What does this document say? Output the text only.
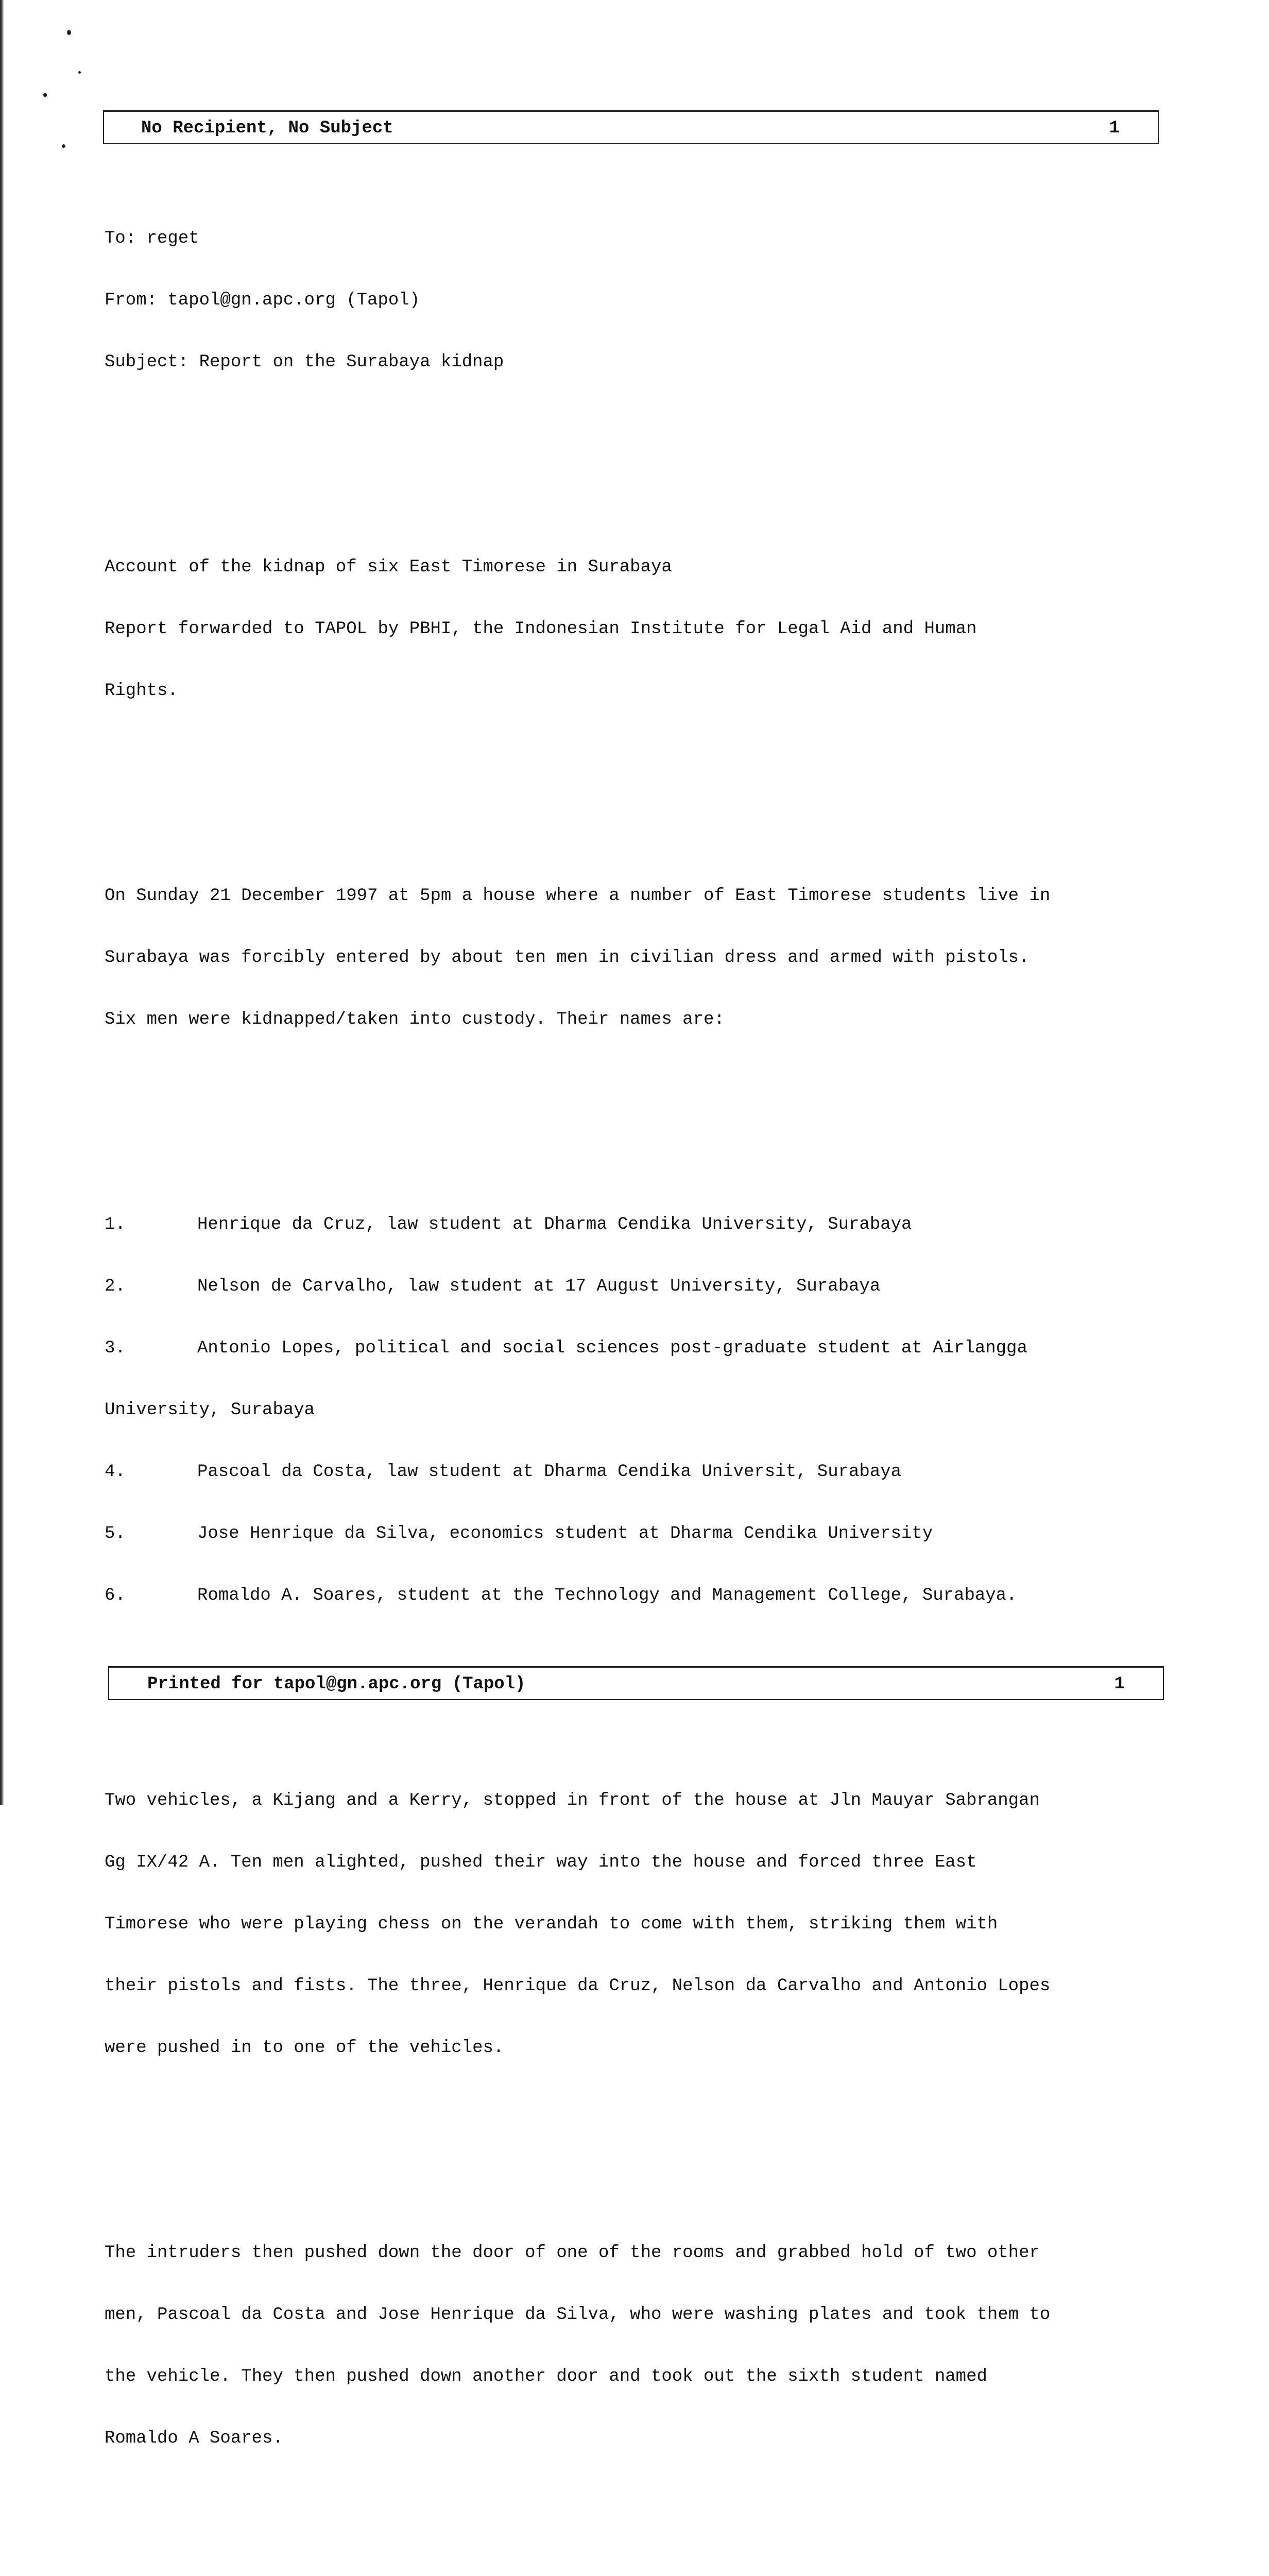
No Recipient, No Subject	1

To: reget

From: tapol@gn.apc.org (Tapol)

Subject: Report on the Surabaya kidnap

Account of the kidnap of six East Timorese in Surabaya

Report forwarded to TAPOL by PBHI, the Indonesian Institute for Legal Aid and Human

Rights.

On Sunday 21 December 1997 at 5pm a house where a number of East Timorese students live in

Surabaya was forcibly entered by about ten men in civilian dress and armed with pistols.

Six men were kidnapped/taken into custody. Their names are:

1.	Henrique da Cruz, law student at Dharma Cendika University, Surabaya

2.	Nelson de Carvalho, law student at 17 August University, Surabaya

3.	Antonio Lopes, political and social sciences post-graduate student at Airlangga

University, Surabaya

4.	Pascoal da Costa, law student at Dharma Cendika Universit, Surabaya

5.	Jose Henrique da Silva, economics student at Dharma Cendika University

6.	Romaldo A. Soares, student at the Technology and Management College, Surabaya.

Two vehicles, a Kijang and a Kerry, stopped in front of the house at Jln Mauyar Sabrangan

Gg IX/42 A. Ten men alighted, pushed their way into the house and forced three East

Timorese who were playing chess on the verandah to come with them, striking them with

their pistols and fists. The three, Henrique da Cruz, Nelson da Carvalho and Antonio Lopes

were pushed in to one of the vehicles.

The intruders then pushed down the door of one of the rooms and grabbed hold of two other

men, Pascoal da Costa and Jose Henrique da Silva, who were washing plates and took them to

the vehicle. They then pushed down another door and took out the sixth student named

Romaldo A Soares.

Printed for tapol@gn.apc.org (Tapol)	1
